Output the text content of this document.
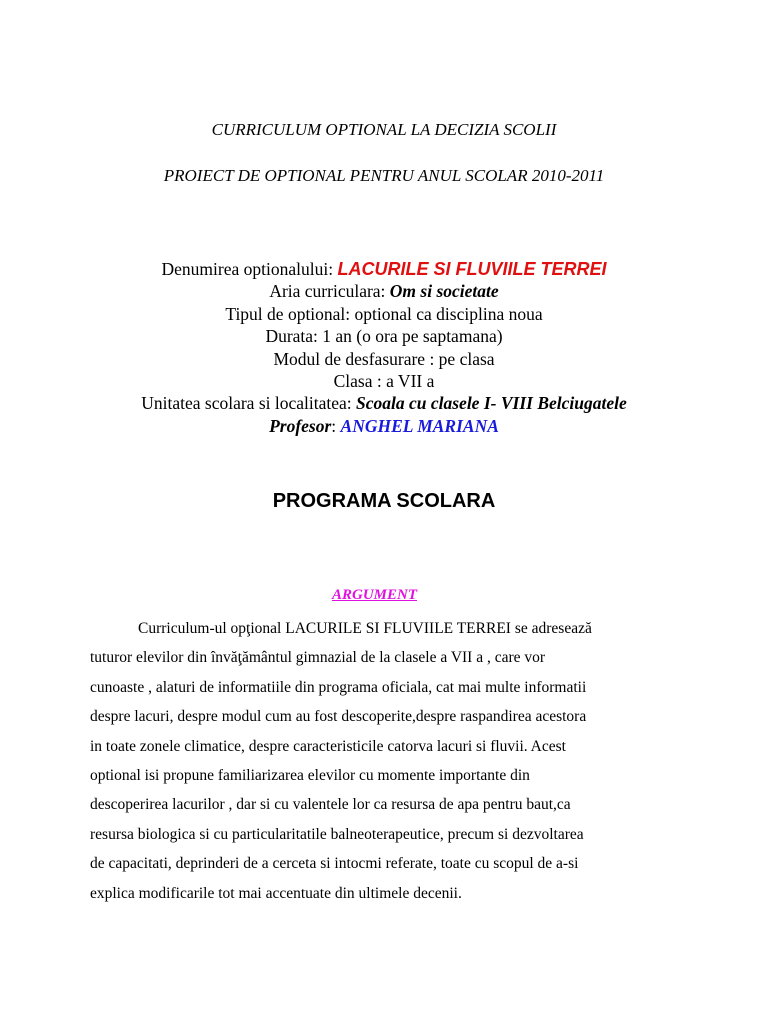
CURRICULUM OPTIONAL LA DECIZIA SCOLII
PROIECT DE OPTIONAL PENTRU ANUL SCOLAR 2010-2011
Denumirea optionalului: LACURILE SI FLUVIILE TERREI
Aria curriculara: Om si societate
Tipul de optional: optional ca disciplina noua
Durata: 1 an (o ora pe saptamana)
Modul de desfasurare : pe clasa
Clasa : a VII a
Unitatea scolara si localitatea: Scoala cu clasele I- VIII Belciugatele
Profesor: ANGHEL MARIANA
PROGRAMA SCOLARA
ARGUMENT
Curriculum-ul opţional LACURILE SI FLUVIILE TERREI se adresează
tuturor elevilor din învăţământul gimnazial de la clasele a VII a , care vor
cunoaste , alaturi de informatiile din programa oficiala, cat mai multe informatii
despre lacuri, despre modul cum au fost descoperite,despre raspandirea acestora
in toate zonele climatice, despre caracteristicile catorva lacuri si fluvii. Acest
optional isi propune familiarizarea elevilor cu momente importante din
descoperirea lacurilor , dar si cu valentele lor ca resursa de apa pentru baut,ca
resursa biologica si cu particularitatile balneoterapeutice, precum si dezvoltarea
de capacitati, deprinderi de a cerceta si intocmi referate, toate cu scopul de a-si
explica modificarile tot mai accentuate din ultimele decenii.
